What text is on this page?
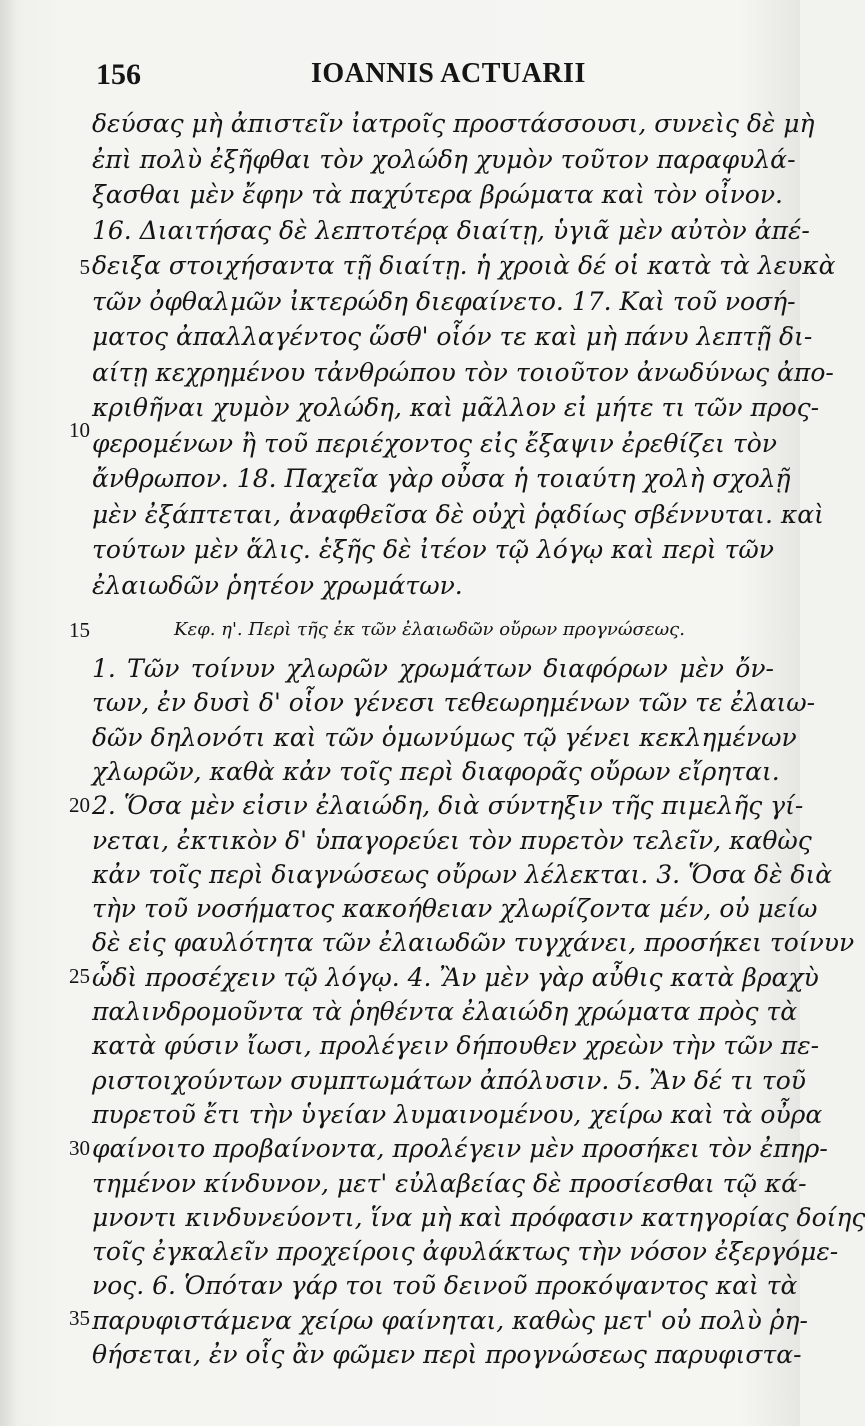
156	IOANNIS ACTUARII
δεύσας μὴ ἀπιστεῖν ἰατροῖς προστάσσουσι, συνεὶς δὲ μὴ
ἐπὶ πολὺ ἐξῆφθαι τὸν χολώδη χυμὸν τοῦτον παραφυλά-
ξασθαι μὲν ἔφην τὰ παχύτερα βρώματα καὶ τὸν οἶνον.
16. Διαιτήσας δὲ λεπτοτέρᾳ διαίτῃ, ὑγιᾶ μὲν αὐτὸν ἀπέ-
δειξα στοιχήσαντα τῇ διαίτῃ. ἡ χροιὰ δέ οἱ κατὰ τὰ λευκὰ
τῶν ὀφθαλμῶν ἰκτερώδη διεφαίνετο. 17. Καὶ τοῦ νοσή-
ματος ἀπαλλαγέντος ὥσθ' οἷόν τε καὶ μὴ πάνυ λεπτῇ δι-
αίτῃ κεχρημένου τἀνθρώπου τὸν τοιοῦτον ἀνωδύνως ἀπο-
κριθῆναι χυμὸν χολώδη, καὶ μᾶλλον εἰ μήτε τι τῶν προς-
φερομένων ἢ τοῦ περιέχοντος εἰς ἔξαψιν ἐρεθίζει τὸν
ἄνθρωπον. 18. Παχεῖα γὰρ οὖσα ἡ τοιαύτη χολὴ σχολῇ
μὲν ἐξάπτεται, ἀναφθεῖσα δὲ οὐχὶ ῥᾳδίως σβέννυται. καὶ
τούτων μὲν ἅλις. ἑξῆς δὲ ἰτέον τῷ λόγῳ καὶ περὶ τῶν
ἐλαιωδῶν ῥητέον χρωμάτων.
Κεφ. η'. Περὶ τῆς ἐκ τῶν ἐλαιωδῶν οὔρων προγνώσεως.
1. Τῶν τοίνυν χλωρῶν χρωμάτων διαφόρων μὲν ὄν-
των, ἐν δυσὶ δ' οἷον γένεσι τεθεωρημένων τῶν τε ἐλαιω-
δῶν δηλονότι καὶ τῶν ὁμωνύμως τῷ γένει κεκλημένων
χλωρῶν, καθὰ κἀν τοῖς περὶ διαφορᾶς οὔρων εἴρηται.
2. Ὅσα μὲν εἰσιν ἐλαιώδη, διὰ σύντηξιν τῆς πιμελῆς γί-
νεται, ἐκτικὸν δ' ὑπαγορεύει τὸν πυρετὸν τελεῖν, καθὼς
κἀν τοῖς περὶ διαγνώσεως οὔρων λέλεκται. 3. Ὅσα δὲ διὰ
τὴν τοῦ νοσήματος κακοήθειαν χλωρίζοντα μέν, οὐ μείω
δὲ εἰς φαυλότητα τῶν ἐλαιωδῶν τυγχάνει, προσήκει τοίνυν
ὧδὶ προσέχειν τῷ λόγῳ. 4. Ἂν μὲν γὰρ αὖθις κατὰ βραχὺ
παλινδρομοῦντα τὰ ῥηθέντα ἐλαιώδη χρώματα πρὸς τὰ
κατὰ φύσιν ἴωσι, προλέγειν δήπουθεν χρεὼν τὴν τῶν πε-
ριστοιχούντων συμπτωμάτων ἀπόλυσιν. 5. Ἂν δέ τι τοῦ
πυρετοῦ ἔτι τὴν ὑγείαν λυμαινομένου, χείρω καὶ τὰ οὖρα
φαίνοιτο προβαίνοντα, προλέγειν μὲν προσήκει τὸν ἐπηρ-
τημένον κίνδυνον, μετ' εὐλαβείας δὲ προσίεσθαι τῷ κά-
μνοντι κινδυνεύοντι, ἵνα μὴ καὶ πρόφασιν κατηγορίας δοίης
τοῖς ἐγκαλεῖν προχείροις ἀφυλάκτως τὴν νόσον ἐξεργόμε-
νος. 6. Ὁπόταν γάρ τοι τοῦ δεινοῦ προκόψαντος καὶ τὰ
παρυφιστάμενα χείρω φαίνηται, καθὼς μετ' οὐ πολὺ ῥη-
θήσεται, ἐν οἷς ἂν φῶμεν περὶ προγνώσεως παρυφιστα-
5
10
15
20
25
30
35
